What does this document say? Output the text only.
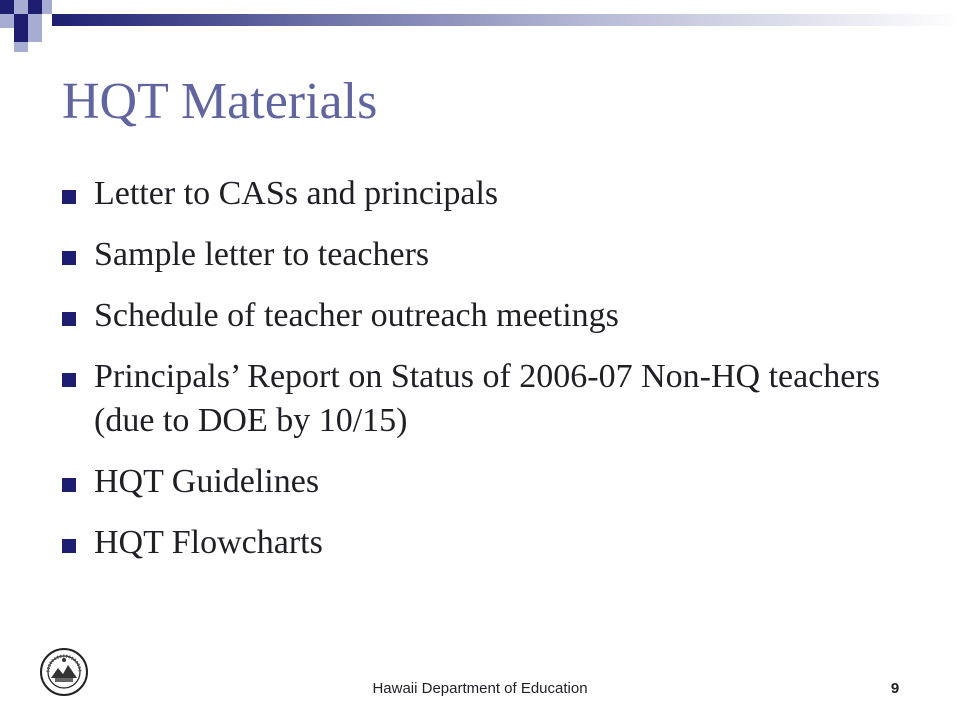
HQT Materials
Letter to CASs and principals
Sample letter to teachers
Schedule of teacher outreach meetings
Principals’ Report on Status of 2006-07 Non-HQ teachers   (due to DOE by 10/15)
HQT Guidelines
HQT Flowcharts
Hawaii Department of Education	9
